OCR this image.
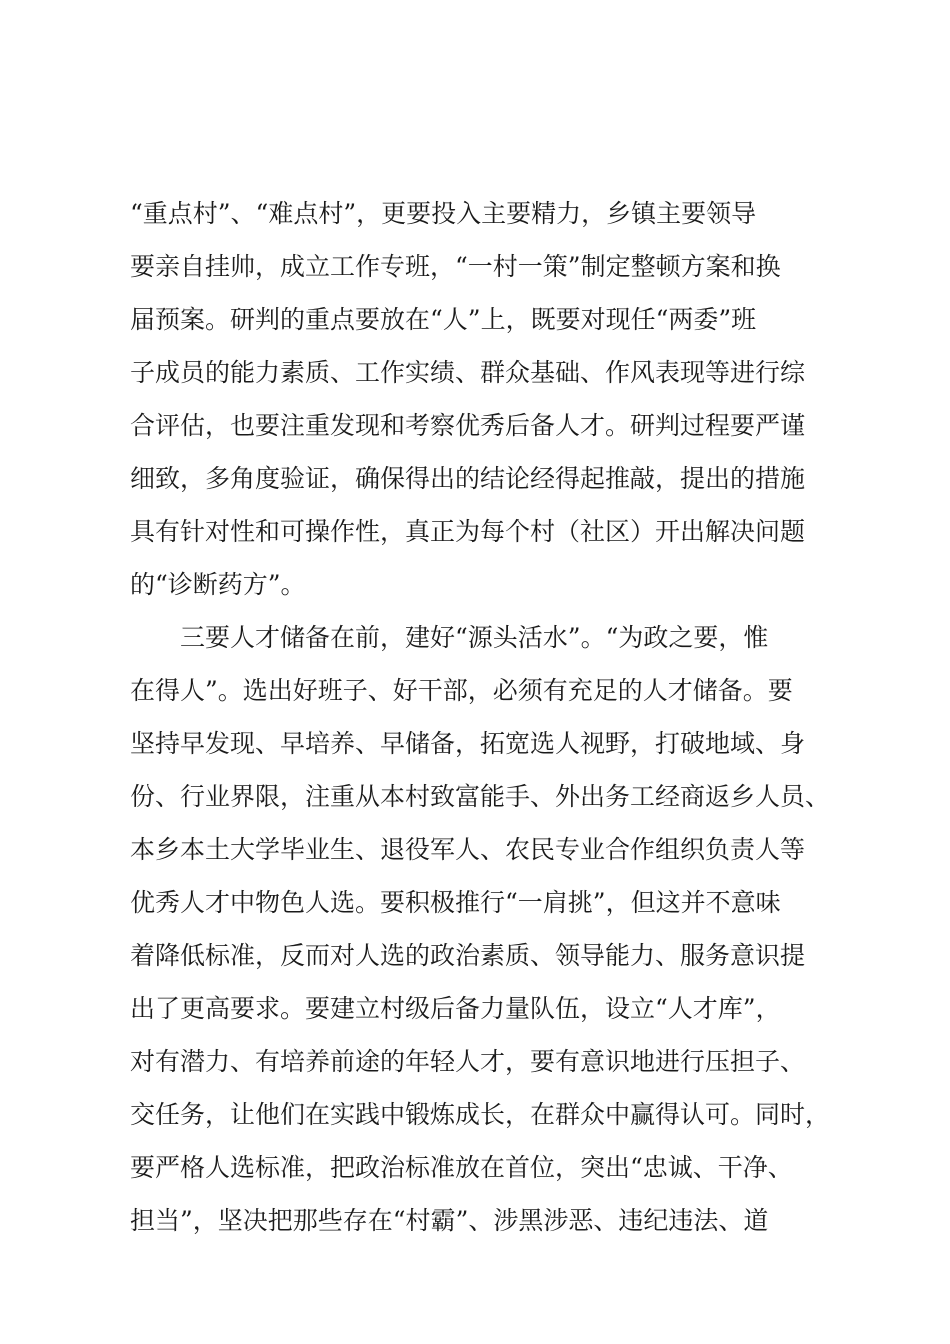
“重点村”、“难点村”，更要投入主要精力，乡镇主要领导
要亲自挂帅，成立工作专班，“一村一策”制定整顿方案和换
届预案。研判的重点要放在“人”上，既要对现任“两委”班
子成员的能力素质、工作实绩、群众基础、作风表现等进行综
合评估，也要注重发现和考察优秀后备人才。研判过程要严谨
细致，多角度验证，确保得出的结论经得起推敲，提出的措施
具有针对性和可操作性，真正为每个村（社区）开出解决问题
的“诊断药方”。
三要人才储备在前，建好“源头活水”。“为政之要，惟
在得人”。选出好班子、好干部，必须有充足的人才储备。要
坚持早发现、早培养、早储备，拓宽选人视野，打破地域、身
份、行业界限，注重从本村致富能手、外出务工经商返乡人员、
本乡本土大学毕业生、退役军人、农民专业合作组织负责人等
优秀人才中物色人选。要积极推行“一肩挑”，但这并不意味
着降低标准，反而对人选的政治素质、领导能力、服务意识提
出了更高要求。要建立村级后备力量队伍，设立“人才库”，
对有潜力、有培养前途的年轻人才，要有意识地进行压担子、
交任务，让他们在实践中锻炼成长，在群众中赢得认可。同时，
要严格人选标准，把政治标准放在首位，突出“忠诚、干净、
担当”，坚决把那些存在“村霸”、涉黑涉恶、违纪违法、道
